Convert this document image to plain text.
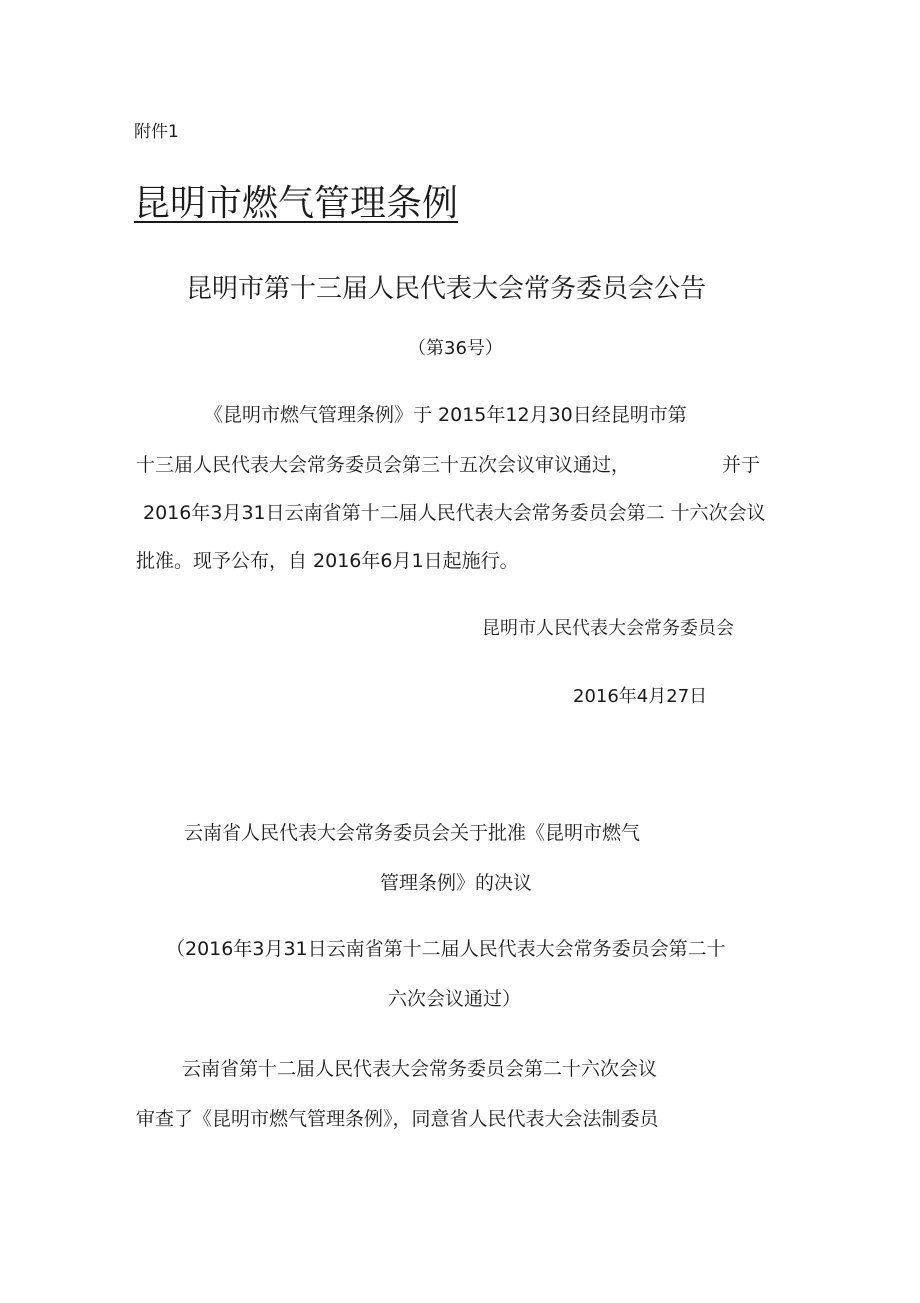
附件1
昆明市燃气管理条例
昆明市第十三届人民代表大会常务委员会公告
（第36号）
《昆明市燃气管理条例》于 2015年12月30日经昆明市第
十三届人民代表大会常务委员会第三十五次会议审议通过，	并于
2016年3月31日云南省第十二届人民代表大会常务委员会第二 十六次会议
批准。现予公布，自 2016年6月1日起施行。
昆明市人民代表大会常务委员会
2016年4月27日
云南省人民代表大会常务委员会关于批准《昆明市燃气
管理条例》的决议
（2016年3月31日云南省第十二届人民代表大会常务委员会第二十
六次会议通过）
云南省第十二届人民代表大会常务委员会第二十六次会议
审查了《昆明市燃气管理条例》，同意省人民代表大会法制委员
